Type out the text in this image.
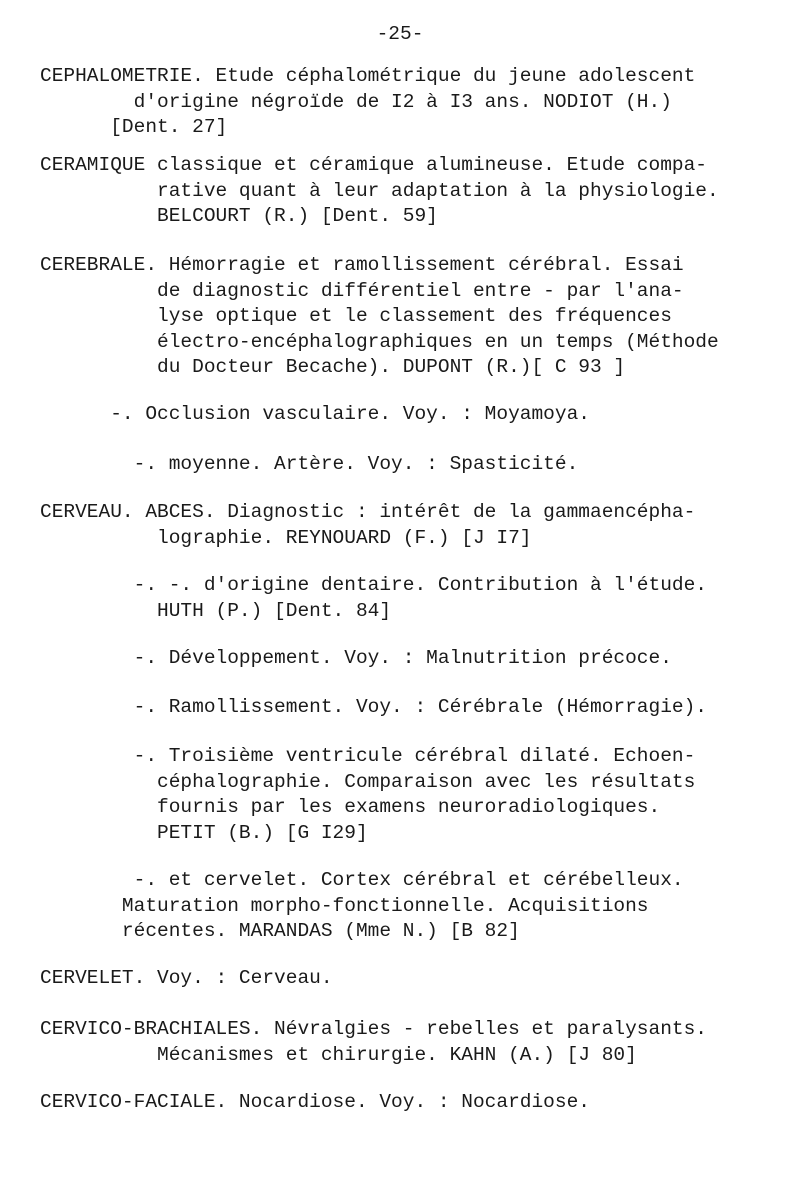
-25-
CEPHALOMETRIE. Etude céphalométrique du jeune adolescent
d'origine négroïde de I2 à I3 ans. NODIOT (H.)
[Dent. 27]
CERAMIQUE classique et céramique alumineuse. Etude compa-
rative quant à leur adaptation à la physiologie.
BELCOURT (R.) [Dent. 59]
CEREBRALE. Hémorragie et ramollissement cérébral. Essai
de diagnostic différentiel entre - par l'ana-
lyse optique et le classement des fréquences
électro-encéphalographiques en un temps (Méthode
du Docteur Becache). DUPONT (R.)[ C 93 ]
-. Occlusion vasculaire. Voy. : Moyamoya.
-. moyenne. Artère. Voy. : Spasticité.
CERVEAU. ABCES. Diagnostic : intérêt de la gammaencépha-
lographie. REYNOUARD (F.) [J I7]
-. -. d'origine dentaire. Contribution à l'étude.
HUTH (P.) [Dent. 84]
-. Développement. Voy. : Malnutrition précoce.
-. Ramollissement. Voy. : Cérébrale (Hémorragie).
-. Troisième ventricule cérébral dilaté. Echoen-
céphalographie. Comparaison avec les résultats
fournis par les examens neuroradiologiques.
PETIT (B.) [G I29]
-. et cervelet. Cortex cérébral et cérébelleux.
Maturation morpho-fonctionnelle. Acquisitions
récentes. MARANDAS (Mme N.) [B 82]
CERVELET. Voy. : Cerveau.
CERVICO-BRACHIALES. Névralgies - rebelles et paralysants.
Mécanismes et chirurgie. KAHN (A.) [J 80]
CERVICO-FACIALE. Nocardiose. Voy. : Nocardiose.
